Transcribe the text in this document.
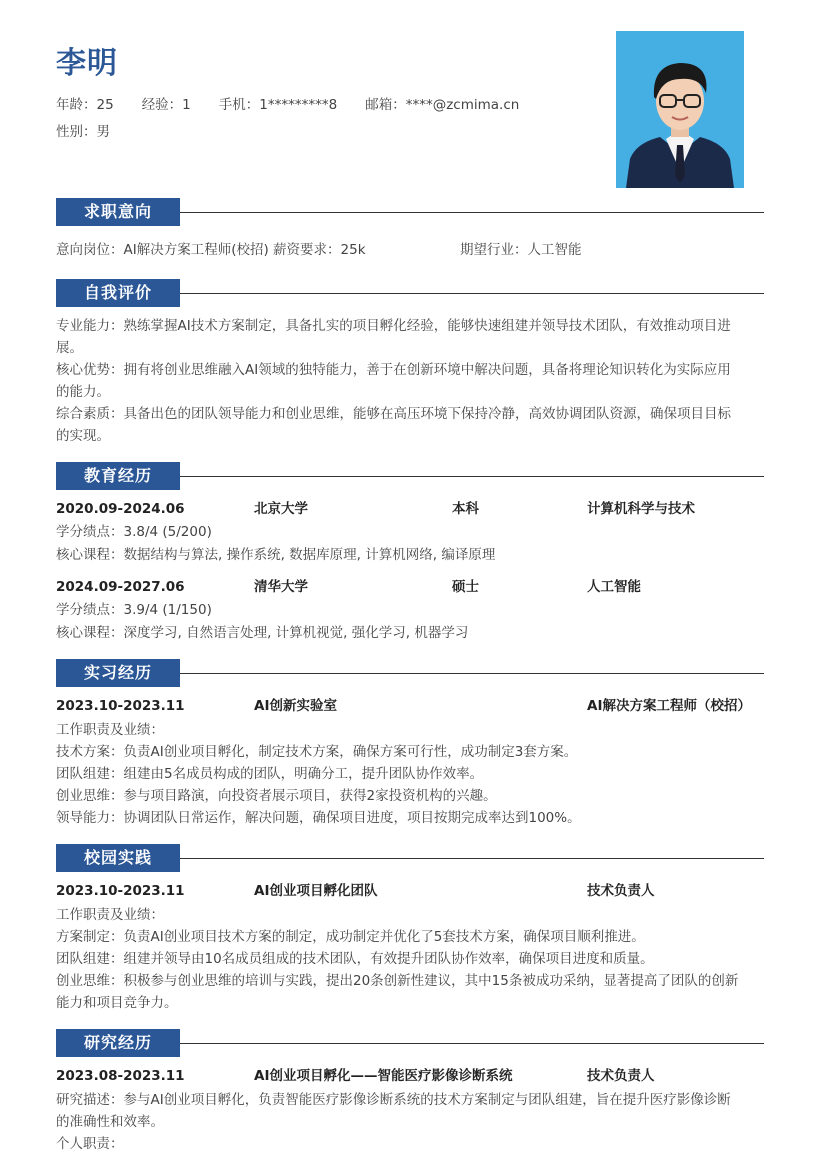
李明
年龄：25 经验：1 手机：1*********8 邮箱：****@zcmima.cn
性别：男
求职意向
意向岗位：AI解决方案工程师(校招) 薪资要求：25k	期望行业：人工智能
自我评价
专业能力：熟练掌握AI技术方案制定，具备扎实的项目孵化经验，能够快速组建并领导技术团队，有效推动项目进
展。
核心优势：拥有将创业思维融入AI领域的独特能力，善于在创新环境中解决问题，具备将理论知识转化为实际应用
的能力。
综合素质：具备出色的团队领导能力和创业思维，能够在高压环境下保持冷静，高效协调团队资源，确保项目目标
的实现。
教育经历
2020.09-2024.06	北京大学	本科	计算机科学与技术
学分绩点：3.8/4 (5/200)
核心课程：数据结构与算法, 操作系统, 数据库原理, 计算机网络, 编译原理
2024.09-2027.06	清华大学	硕士	人工智能
学分绩点：3.9/4 (1/150)
核心课程：深度学习, 自然语言处理, 计算机视觉, 强化学习, 机器学习
实习经历
2023.10-2023.11	AI创新实验室	AI解决方案工程师（校招）
工作职责及业绩：
技术方案：负责AI创业项目孵化，制定技术方案，确保方案可行性，成功制定3套方案。
团队组建：组建由5名成员构成的团队，明确分工，提升团队协作效率。
创业思维：参与项目路演，向投资者展示项目，获得2家投资机构的兴趣。
领导能力：协调团队日常运作，解决问题，确保项目进度，项目按期完成率达到100%。
校园实践
2023.10-2023.11	AI创业项目孵化团队	技术负责人
工作职责及业绩：
方案制定：负责AI创业项目技术方案的制定，成功制定并优化了5套技术方案，确保项目顺利推进。
团队组建：组建并领导由10名成员组成的技术团队，有效提升团队协作效率，确保项目进度和质量。
创业思维：积极参与创业思维的培训与实践，提出20条创新性建议，其中15条被成功采纳，显著提高了团队的创新
能力和项目竞争力。
研究经历
2023.08-2023.11	AI创业项目孵化——智能医疗影像诊断系统	技术负责人
研究描述：参与AI创业项目孵化，负责智能医疗影像诊断系统的技术方案制定与团队组建，旨在提升医疗影像诊断
的准确性和效率。
个人职责：
